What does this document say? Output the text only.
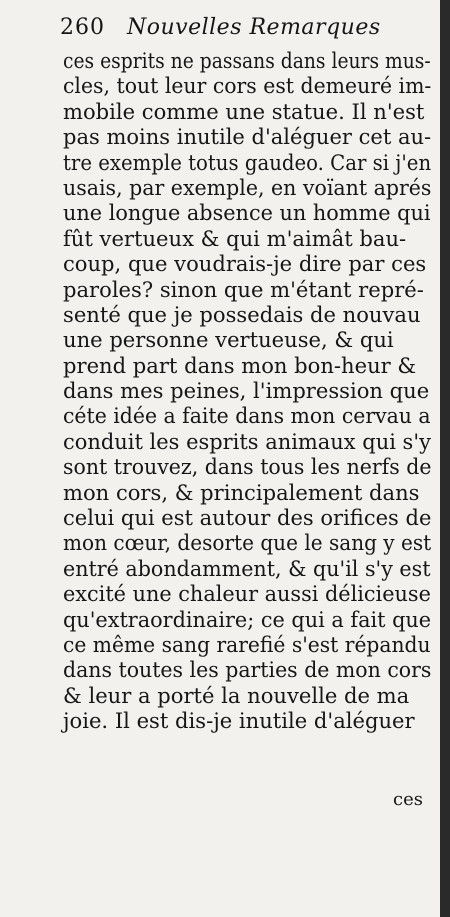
260 Nouvelles Remarques
ces esprits ne passans dans leurs mus-
cles, tout leur cors est demeuré im-
mobile comme une statue. Il n'est
pas moins inutile d'aléguer cet au-
tre exemple totus gaudeo. Car si j'en
usais, par exemple, en voïant aprés
une longue absence un homme qui
fût vertueux & qui m'aimât bau-
coup, que voudrais-je dire par ces
paroles? sinon que m'étant repré-
senté que je possedais de nouvau
une personne vertueuse, & qui
prend part dans mon bon-heur &
dans mes peines, l'impression que
céte idée a faite dans mon cervau a
conduit les esprits animaux qui s'y
sont trouvez, dans tous les nerfs de
mon cors, & principalement dans
celui qui est autour des orifices de
mon cœur, desorte que le sang y est
entré abondamment, & qu'il s'y est
excité une chaleur aussi délicieuse
qu'extraordinaire; ce qui a fait que
ce même sang rarefié s'est répandu
dans toutes les parties de mon cors
& leur a porté la nouvelle de ma
joie. Il est dis-je inutile d'aléguer
ces
